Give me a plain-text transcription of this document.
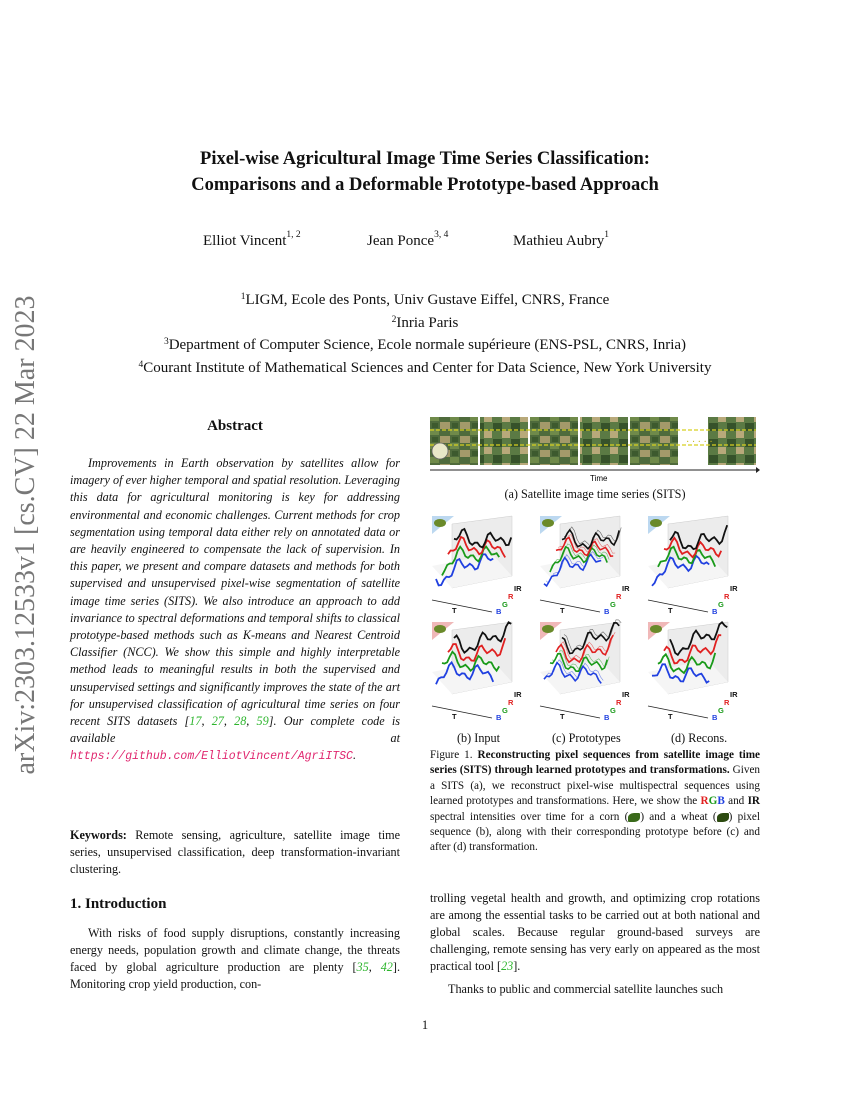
arXiv:2303.12533v1 [cs.CV] 22 Mar 2023
Pixel-wise Agricultural Image Time Series Classification:
Comparisons and a Deformable Prototype-based Approach
Elliot Vincent$^{1, 2}$	Jean Ponce$^{3, 4}$	Mathieu Aubry$^1$
$^1$LIGM, Ecole des Ponts, Univ Gustave Eiffel, CNRS, France
$^2$Inria Paris
$^3$Department of Computer Science, Ecole normale supérieure (ENS-PSL, CNRS, Inria)
$^4$Courant Institute of Mathematical Sciences and Center for Data Science, New York University
Abstract
Improvements in Earth observation by satellites allow for imagery of ever higher temporal and spatial resolution. Leveraging this data for agricultural monitoring is key for addressing environmental and economic challenges. Current methods for crop segmentation using temporal data either rely on annotated data or are heavily engineered to compensate the lack of supervision. In this paper, we present and compare datasets and methods for both supervised and unsupervised pixel-wise segmentation of satellite image time series (SITS). We also introduce an approach to add invariance to spectral deformations and temporal shifts to classical prototype-based methods such as K-means and Nearest Centroid Classifier (NCC). We show this simple and highly interpretable method leads to meaningful results in both the supervised and unsupervised settings and significantly improves the state of the art for unsupervised classification of agricultural time series on four recent SITS datasets [17, 27, 28, 59]. Our complete code is available at https://github.com/ElliotVincent/AgriITSC.
Keywords: Remote sensing, agriculture, satellite image time series, unsupervised classification, deep transformation-invariant clustering.
1. Introduction

With risks of food supply disruptions, constantly increasing energy needs, population growth and climate change, the threats faced by global agriculture production are plenty [35, 42]. Monitoring crop yield production, con-

trolling vegetal health and growth, and optimizing crop rotations are among the essential tasks to be carried out at both national and global scales. Because regular ground-based surveys are challenging, remote sensing has very early on appeared as the most practical tool [23].

Thanks to public and commercial satellite launches such

· · · · ·
Time
(a) Satellite image time series (SITS)
T	B
G
R
IR
T	B
G
R
IR
T	B
G
R
IR
T	B
G
R
IR
T	B
G
R
IR
T	B
G
R
IR
(b) Input	(c) Prototypes	(d) Recons.
Figure 1. Reconstructing pixel sequences from satellite image time series (SITS) through learned prototypes and transformations. Given a SITS (a), we reconstruct pixel-wise multispectral sequences using learned prototypes and transformations. Here, we show the RGB and IR spectral intensities over time for a corn ( ) and a wheat ( ) pixel sequence (b), along with their corresponding prototype before (c) and after (d) transformation.
1
